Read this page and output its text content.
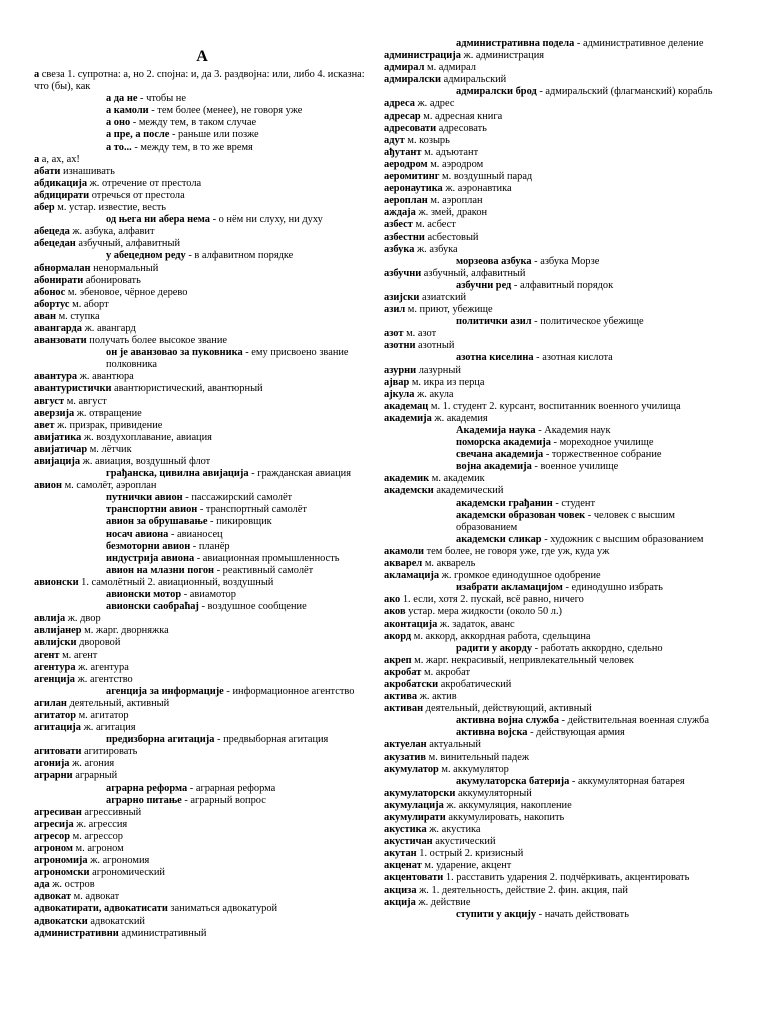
А
а свеза 1. супротна: а, но 2. спојна: и, да 3. раздвојна: или, либо 4. исказна: что (бы), как
а да не - чтобы не
а камоли - тем более (менее), не говоря уже
а оно - между тем, в таком случае
а пре, а после - раньше или позже
а то... - между тем, в то же время
а а, ах, ах!
абати изнашивать
абдикација ж. отречение от престола
абдицирати отречься от престола
абер м. устар. известие, весть
од њега ни абера нема - о нём ни слуху, ни духу
абецеда ж. азбука, алфавит
абецедан азбучный, алфавитный
у абецедном реду - в алфавитном порядке
абнормалан ненормальный
абонирати абонировать
абонос м. эбеновое, чёрное дерево
абортус м. аборт
аван м. ступка
авангарда ж. авангард
аванзовати получать более высокое звание
он је аванзовао за пуковника - ему присвоено звание полковника
авантура ж. авантюра
авантуристички авантюристический, авантюрный
август м. август
аверзија ж. отвращение
авет ж. призрак, привидение
авијатика ж. воздухоплавание, авиация
авијатичар м. лётчик
авијација ж. авиация, воздушный флот
грађанска, цивилна авијација - гражданская авиация
авион м. самолёт, аэроплан
путнички авион - пассажирский самолёт
транспортни авион - транспортный самолёт
авион за обрушавање - пикировщик
носач авиона - авианосец
безмоторни авион - планёр
индустрија авиона - авиационная промышленность
авион на млазни погон - реактивный самолёт
авионски 1. самолётный 2. авиационный, воздушный
авионски мотор - авиамотор
авионски саобраћај - воздушное сообщение
авлија ж. двор
авлијанер м. жарг. дворняжка
авлијски дворовой
агент м. агент
агентура ж. агентура
агенција ж. агентство
агенција за информације - информационное агентство
агилан деятельный, активный
агитатор м. агитатор
агитација ж. агитация
предизборна агитација - предвыборная агитация
агитовати агитировать
агонија ж. агония
аграрни аграрный
аграрна реформа - аграрная реформа
аграрно питање - аграрный вопрос
агресиван агрессивный
агресија ж. агрессия
агресор м. агрессор
агроном м. агроном
агрономија ж. агрономия
агрономски агрономический
ада ж. остров
адвокат м. адвокат
адвокатирати, адвокатисати заниматься адвокатурой
адвокатски адвокатский
административни административный
административна подела - административное деление
администрација ж. администрация
адмирал м. адмирал
адмиралски адмиральский
адмиралски брод - адмиральский (флагманский) корабль
адреса ж. адрес
адресар м. адресная книга
адресовати адресовать
адут м. козырь
ађутант м. адъютант
аеродром м. аэродром
аеромитинг м. воздушный парад
аеронаутика ж. аэронавтика
аероплан м. аэроплан
аждаја ж. змей, дракон
азбест м. асбест
азбестни асбестовый
азбука ж. азбука
морзеова азбука - азбука Морзе
азбучни азбучный, алфавитный
азбучни ред - алфавитный порядок
азијски азиатский
азил м. приют, убежище
политички азил - политическое убежище
азот м. азот
азотни азотный
азотна киселина - азотная кислота
азурни лазурный
ајвар м. икра из перца
ајкула ж. акула
академац м. 1. студент 2. курсант, воспитанник военного училища
академија ж. академия
Академија наука - Академия наук
поморска академија - мореходное училище
свечана академија - торжественное собрание
војна академија - военное училище
академик м. академик
академски академический
академски грађанин - студент
академски образован човек - человек с высшим образованием
академски сликар - художник с высшим образованием
акамоли тем более, не говоря уже, где уж, куда уж
акварел м. акварель
акламација ж. громкое единодушное одобрение
изабрати акламацијом - единодушно избрать
ако 1. если, хотя 2. пускай, всё равно, ничего
аков устар. мера жидкости (около 50 л.)
аконтација ж. задаток, аванс
акорд м. аккорд, аккордная работа, сдельщина
радити у акорду - работать аккордно, сдельно
акреп м. жарг. некрасивый, непривлекательный человек
акробат м. акробат
акробатски акробатический
актива ж. актив
активан деятельный, действующий, активный
активна војна служба - действительная военная служба
активна војска - действующая армия
актуелан актуальный
акузатив м. винительный падеж
акумулатор м. аккумулятор
акумулаторска батерија - аккумуляторная батарея
акумулаторски аккумуляторный
акумулација ж. аккумуляция, накопление
акумулирати аккумулировать, накопить
акустика ж. акустика
акустичан акустический
акутан 1. острый 2. кризисный
акценат м. ударение, акцент
акцентовати 1. расставить ударения 2. подчёркивать, акцентировать
акциза ж. 1. деятельность, действие 2. фин. акция, пай
акција ж. действие
ступити у акцију - начать действовать
